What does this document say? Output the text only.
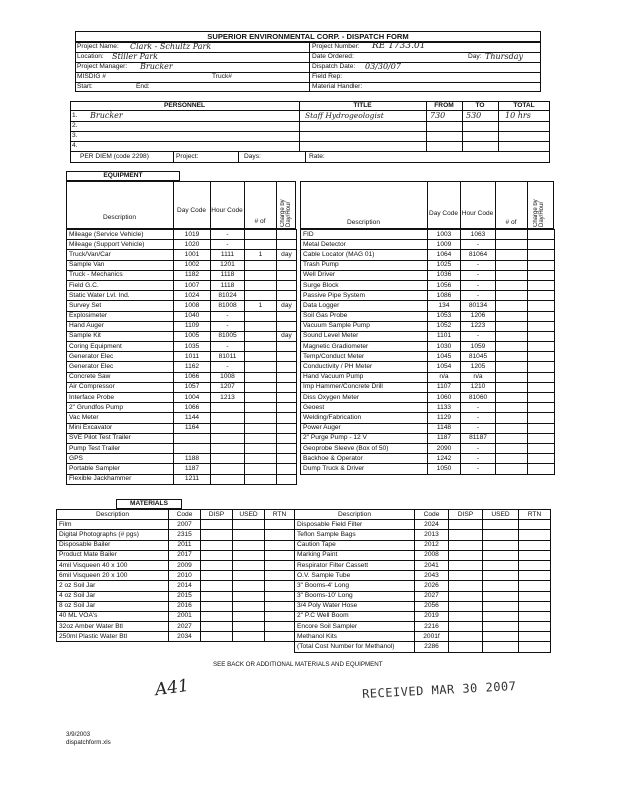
SUPERIOR ENVIRONMENTAL CORP. - DISPATCH FORM
Project Name: Clark - Schultz Park
Location: Stiller Park
Project Manager: Brucker
MISDIG #	Truck#
Start:	End:
Project Number: RE 1733.01
Date Ordered:	Day: Thursday
Dispatch Date: 03/30/07
Field Rep:
Material Handler:
PERSONNEL	TITLE	FROM	TO	TOTAL
1. Brucker	Staff Hydrogeologist	730	530	10 hrs
2.
3.
4.
PER DIEM (code 2298)	Project:	Days:	Rate:
EQUIPMENT
Description
Day Code Hour Code
# of	Charge by Day/Hour
Mileage (Service Vehicle)	1019	-		
Mileage (Support Vehicle)	1020	-		
Truck/Van/Car	1001	1111	1	day
Sample Van	1002	1201		
Truck - Mechanics	1182	1118		
Field G.C.	1007	1118		
Static Water Lvl. Ind.	1024	81024		
Survey Set	1008	81008	1	day
Explosimeter	1040	-		
Hand Auger	1109	-		
Sample Kit	1005	81005		day
Coring Equipment	1035	-		
Generator Elec	1011	81011		
Generator Elec	1162	-		
Concrete Saw	1066	1008		
Air Compressor	1057	1207		
Interface Probe	1004	1213		
2" Grundfos Pump	1066			
Vac Meter	1144			
Mini Excavator	1164			
SVE Pilot Test Trailer				
Pump Test Trailer				
GPS	1188			
Portable Sampler	1187			
Flexible Jackhammer	1211			
Description
Day Code Hour Code
# of	Charge by Day/Hour
FID	1003	1063		
Metal Detector	1009	-		
Cable Locator (MAG 01)	1064	81064		
Trash Pump	1025	-		
Well Driver	1036	-		
Surge Block	1056	-		
Passive Pipe System	1086	-		
Data Logger	134	80134		
Soil Gas Probe	1053	1206		
Vacuum Sample Pump	1052	1223		
Sound Level Meter	1101	-		
Magnetic Gradiometer	1030	1059		
Temp/Conduct Meter	1045	81045		
Conductivity / PH Meter	1054	1205		
Hand Vacuum Pump	n/a	n/a		
Imp Hammer/Concrete Drill	1107	1210		
Diss Oxygen Meter	1060	81060		
Geoest	1133	-		
Welding/Fabrication	1129	-		
Power Auger	1148	-		
2" Purge Pump - 12 V	1187	81187		
Geoprobe Sleeve (Box of 50)	2090	-		
Backhoe & Operator	1242	-		
Dump Truck & Driver	1050	-		
MATERIALS
Description	Code	DISP	USED	RTN
Film	2007			
Digital Photographs (# pgs)	2315			
Disposable Bailer	2011			
Product Mate Bailer	2017			
4mil Visqueen 40 x 100	2009			
6mil Visqueen 20 x 100	2010			
2 oz Soil Jar	2014			
4 oz Soil Jar	2015			
8 oz Soil Jar	2016			
40 ML VOA's	2001			
32oz Amber Water Btl	2027			
250ml Plastic Water Btl	2034			
Description	Code	DISP	USED	RTN
Disposable Field Filter	2024			
Teflon Sample Bags	2013			
Caution Tape	2012			
Marking Paint	2008			
Respirator Filter Cassett	2041			
O.V. Sample Tube	2043			
3" Booms-4' Long	2026			
3" Booms-10' Long	2027			
3/4 Poly Water Hose	2056			
2" P.C Well Boom	2019			
Encore Soil Sampler	2216			
Methanol Kits	2001f			
(Total Cost Number for Methanol)	2286			
SEE BACK OR ADDITIONAL MATERIALS AND EQUIPMENT
A41	RECEIVED MAR 30 2007
3/9/2003
dispatchform.xls
